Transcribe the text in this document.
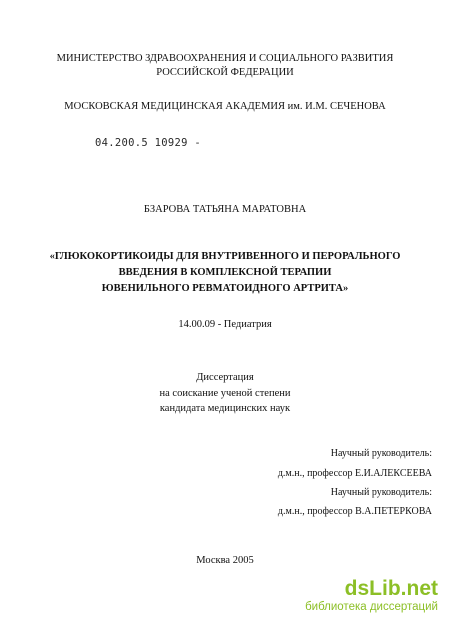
МИНИСТЕРСТВО ЗДРАВООХРАНЕНИЯ И СОЦИАЛЬНОГО РАЗВИТИЯ
РОССИЙСКОЙ ФЕДЕРАЦИИ
МОСКОВСКАЯ МЕДИЦИНСКАЯ АКАДЕМИЯ им. И.М. СЕЧЕНОВА
04.200.5 10929 -
БЗАРОВА ТАТЬЯНА МАРАТОВНА
«ГЛЮКОКОРТИКОИДЫ ДЛЯ ВНУТРИВЕННОГО И ПЕРОРАЛЬНОГО
ВВЕДЕНИЯ В КОМПЛЕКСНОЙ ТЕРАПИИ
ЮВЕНИЛЬНОГО РЕВМАТОИДНОГО АРТРИТА»
14.00.09 - Педиатрия
Диссертация
на соискание ученой степени
кандидата медицинских наук
Научный руководитель:
д.м.н., профессор Е.И.АЛЕКСЕЕВА
Научный руководитель:
д.м.н., профессор В.А.ПЕТЕРКОВА
Москва 2005
dsLib.net
библиотека диссертаций
